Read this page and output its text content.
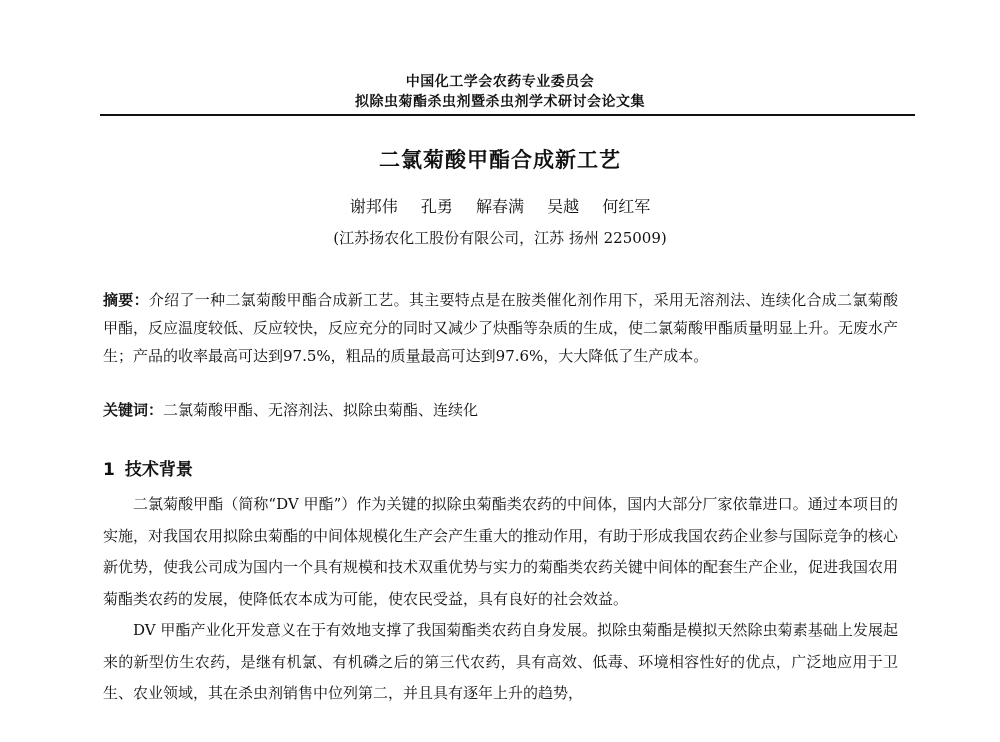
中国化工学会农药专业委员会
拟除虫菊酯杀虫剂暨杀虫剂学术研讨会论文集
二氯菊酸甲酯合成新工艺
谢邦伟 孔勇 解春满 吴越 何红军
(江苏扬农化工股份有限公司，江苏 扬州 225009)
摘要：介绍了一种二氯菊酸甲酯合成新工艺。其主要特点是在胺类催化剂作用下，采用无溶剂法、连续化合成二氯菊酸甲酯，反应温度较低、反应较快，反应充分的同时又减少了炔酯等杂质的生成，使二氯菊酸甲酯质量明显上升。无废水产生；产品的收率最高可达到97.5%，粗品的质量最高可达到97.6%，大大降低了生产成本。
关键词：二氯菊酸甲酯、无溶剂法、拟除虫菊酯、连续化
1 技术背景

二氯菊酸甲酯（简称“DV 甲酯”）作为关键的拟除虫菊酯类农药的中间体，国内大部分厂家依靠进口。通过本项目的实施，对我国农用拟除虫菊酯的中间体规模化生产会产生重大的推动作用，有助于形成我国农药企业参与国际竞争的核心新优势，使我公司成为国内一个具有规模和技术双重优势与实力的菊酯类农药关键中间体的配套生产企业，促进我国农用菊酯类农药的发展，使降低农本成为可能，使农民受益，具有良好的社会效益。

DV 甲酯产业化开发意义在于有效地支撑了我国菊酯类农药自身发展。拟除虫菊酯是模拟天然除虫菊素基础上发展起来的新型仿生农药，是继有机氯、有机磷之后的第三代农药，具有高效、低毒、环境相容性好的优点，广泛地应用于卫生、农业领域，其在杀虫剂销售中位列第二，并且具有逐年上升的趋势，
